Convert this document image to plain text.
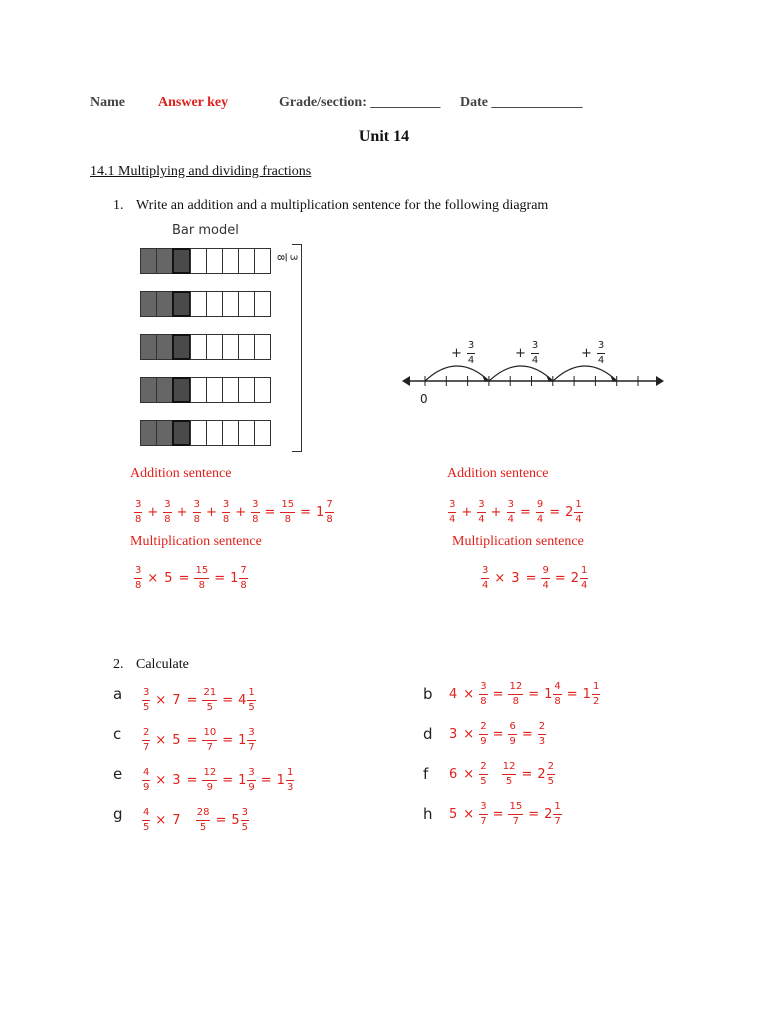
Name Answer key	Grade/section: __________ Date _____________
Unit 14
14.1 Multiplying and dividing fractions
1. Write an addition and a multiplication sentence for the following diagram
Bar model
3
8
0
+ $\frac{3}{4}$	+ $\frac{3}{4}$	+ $\frac{3}{4}$
Addition sentence
3
$8 + \frac{3}{8} + \frac{3}{8} + \frac{3}{8} + \frac{3}{8} = \frac{15}{8} = 1$
7
8
Multiplication sentence
$\frac{3}{8} \times 5 = \frac{15}{8} = 1$
7
8
Addition sentence
3
$4 + \frac{3}{4} + \frac{3}{4} = \frac{9}{4} = 2$
1
4
Multiplication sentence
$\frac{3}{4} \times 3 = \frac{9}{4} = 2$
1
4
2. Calculate
a $\frac{3}{5} \times 7 = \frac{21}{5} = 4$
1
5
b $4 \times \frac{3}{8} = \frac{12}{8} = 1 \frac{4}{8} = 1$
1
2
c $\frac{2}{7} \times 5 = \frac{10}{7} = 1$
3
7
d $3 \times \frac{2}{9} = \frac{6}{9} = \frac{2}{3}$
e $\frac{4}{9} \times 3 = \frac{12}{9} = 1 \frac{3}{9} = 1$
1
3
f $6 \times \frac{2}{5}$
$\frac{12}{5} = 2$
2
5
g $\frac{4}{5} \times 7$
$\frac{28}{5} = 5$
3
5
h $5 \times \frac{3}{7} = \frac{15}{7} = 2$
1
7
